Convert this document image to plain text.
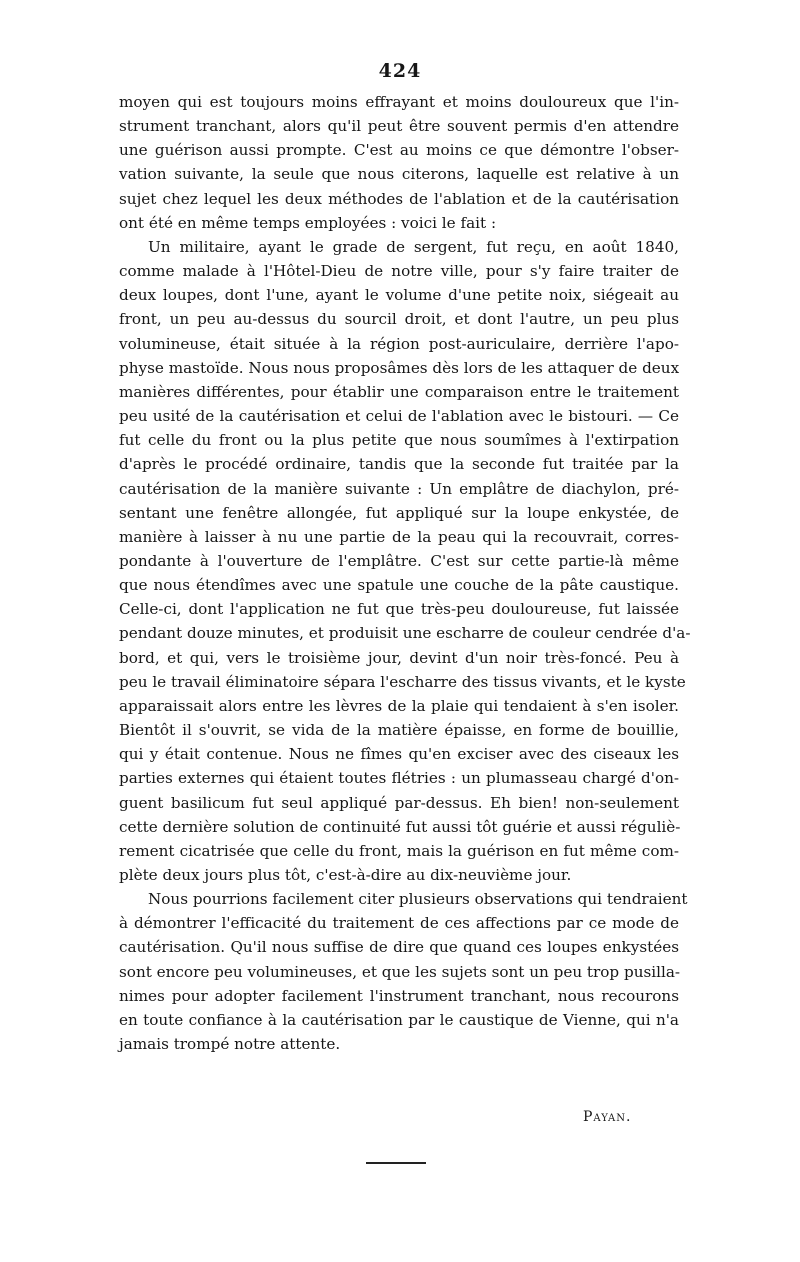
424
moyen qui est toujours moins effrayant et moins douloureux que l'in-
strument tranchant, alors qu'il peut être souvent permis d'en attendre
une guérison aussi prompte. C'est au moins ce que démontre l'obser-
vation suivante, la seule que nous citerons, laquelle est relative à un
sujet chez lequel les deux méthodes de l'ablation et de la cautérisation
ont été en même temps employées : voici le fait :
Un militaire, ayant le grade de sergent, fut reçu, en août 1840,
comme malade à l'Hôtel-Dieu de notre ville, pour s'y faire traiter de
deux loupes, dont l'une, ayant le volume d'une petite noix, siégeait au
front, un peu au-dessus du sourcil droit, et dont l'autre, un peu plus
volumineuse, était située à la région post-auriculaire, derrière l'apo-
physe mastoïde. Nous nous proposâmes dès lors de les attaquer de deux
manières différentes, pour établir une comparaison entre le traitement
peu usité de la cautérisation et celui de l'ablation avec le bistouri. — Ce
fut celle du front ou la plus petite que nous soumîmes à l'extirpation
d'après le procédé ordinaire, tandis que la seconde fut traitée par la
cautérisation de la manière suivante : Un emplâtre de diachylon, pré-
sentant une fenêtre allongée, fut appliqué sur la loupe enkystée, de
manière à laisser à nu une partie de la peau qui la recouvrait, corres-
pondante à l'ouverture de l'emplâtre. C'est sur cette partie-là même
que nous étendîmes avec une spatule une couche de la pâte caustique.
Celle-ci, dont l'application ne fut que très-peu douloureuse, fut laissée
pendant douze minutes, et produisit une escharre de couleur cendrée d'a-
bord, et qui, vers le troisième jour, devint d'un noir très-foncé. Peu à
peu le travail éliminatoire sépara l'escharre des tissus vivants, et le kyste
apparaissait alors entre les lèvres de la plaie qui tendaient à s'en isoler.
Bientôt il s'ouvrit, se vida de la matière épaisse, en forme de bouillie,
qui y était contenue. Nous ne fîmes qu'en exciser avec des ciseaux les
parties externes qui étaient toutes flétries : un plumasseau chargé d'on-
guent basilicum fut seul appliqué par-dessus. Eh bien! non-seulement
cette dernière solution de continuité fut aussi tôt guérie et aussi réguliè-
rement cicatrisée que celle du front, mais la guérison en fut même com-
plète deux jours plus tôt, c'est-à-dire au dix-neuvième jour.
Nous pourrions facilement citer plusieurs observations qui tendraient
à démontrer l'efficacité du traitement de ces affections par ce mode de
cautérisation. Qu'il nous suffise de dire que quand ces loupes enkystées
sont encore peu volumineuses, et que les sujets sont un peu trop pusilla-
nimes pour adopter facilement l'instrument tranchant, nous recourons
en toute confiance à la cautérisation par le caustique de Vienne, qui n'a
jamais trompé notre attente.
Payan.
